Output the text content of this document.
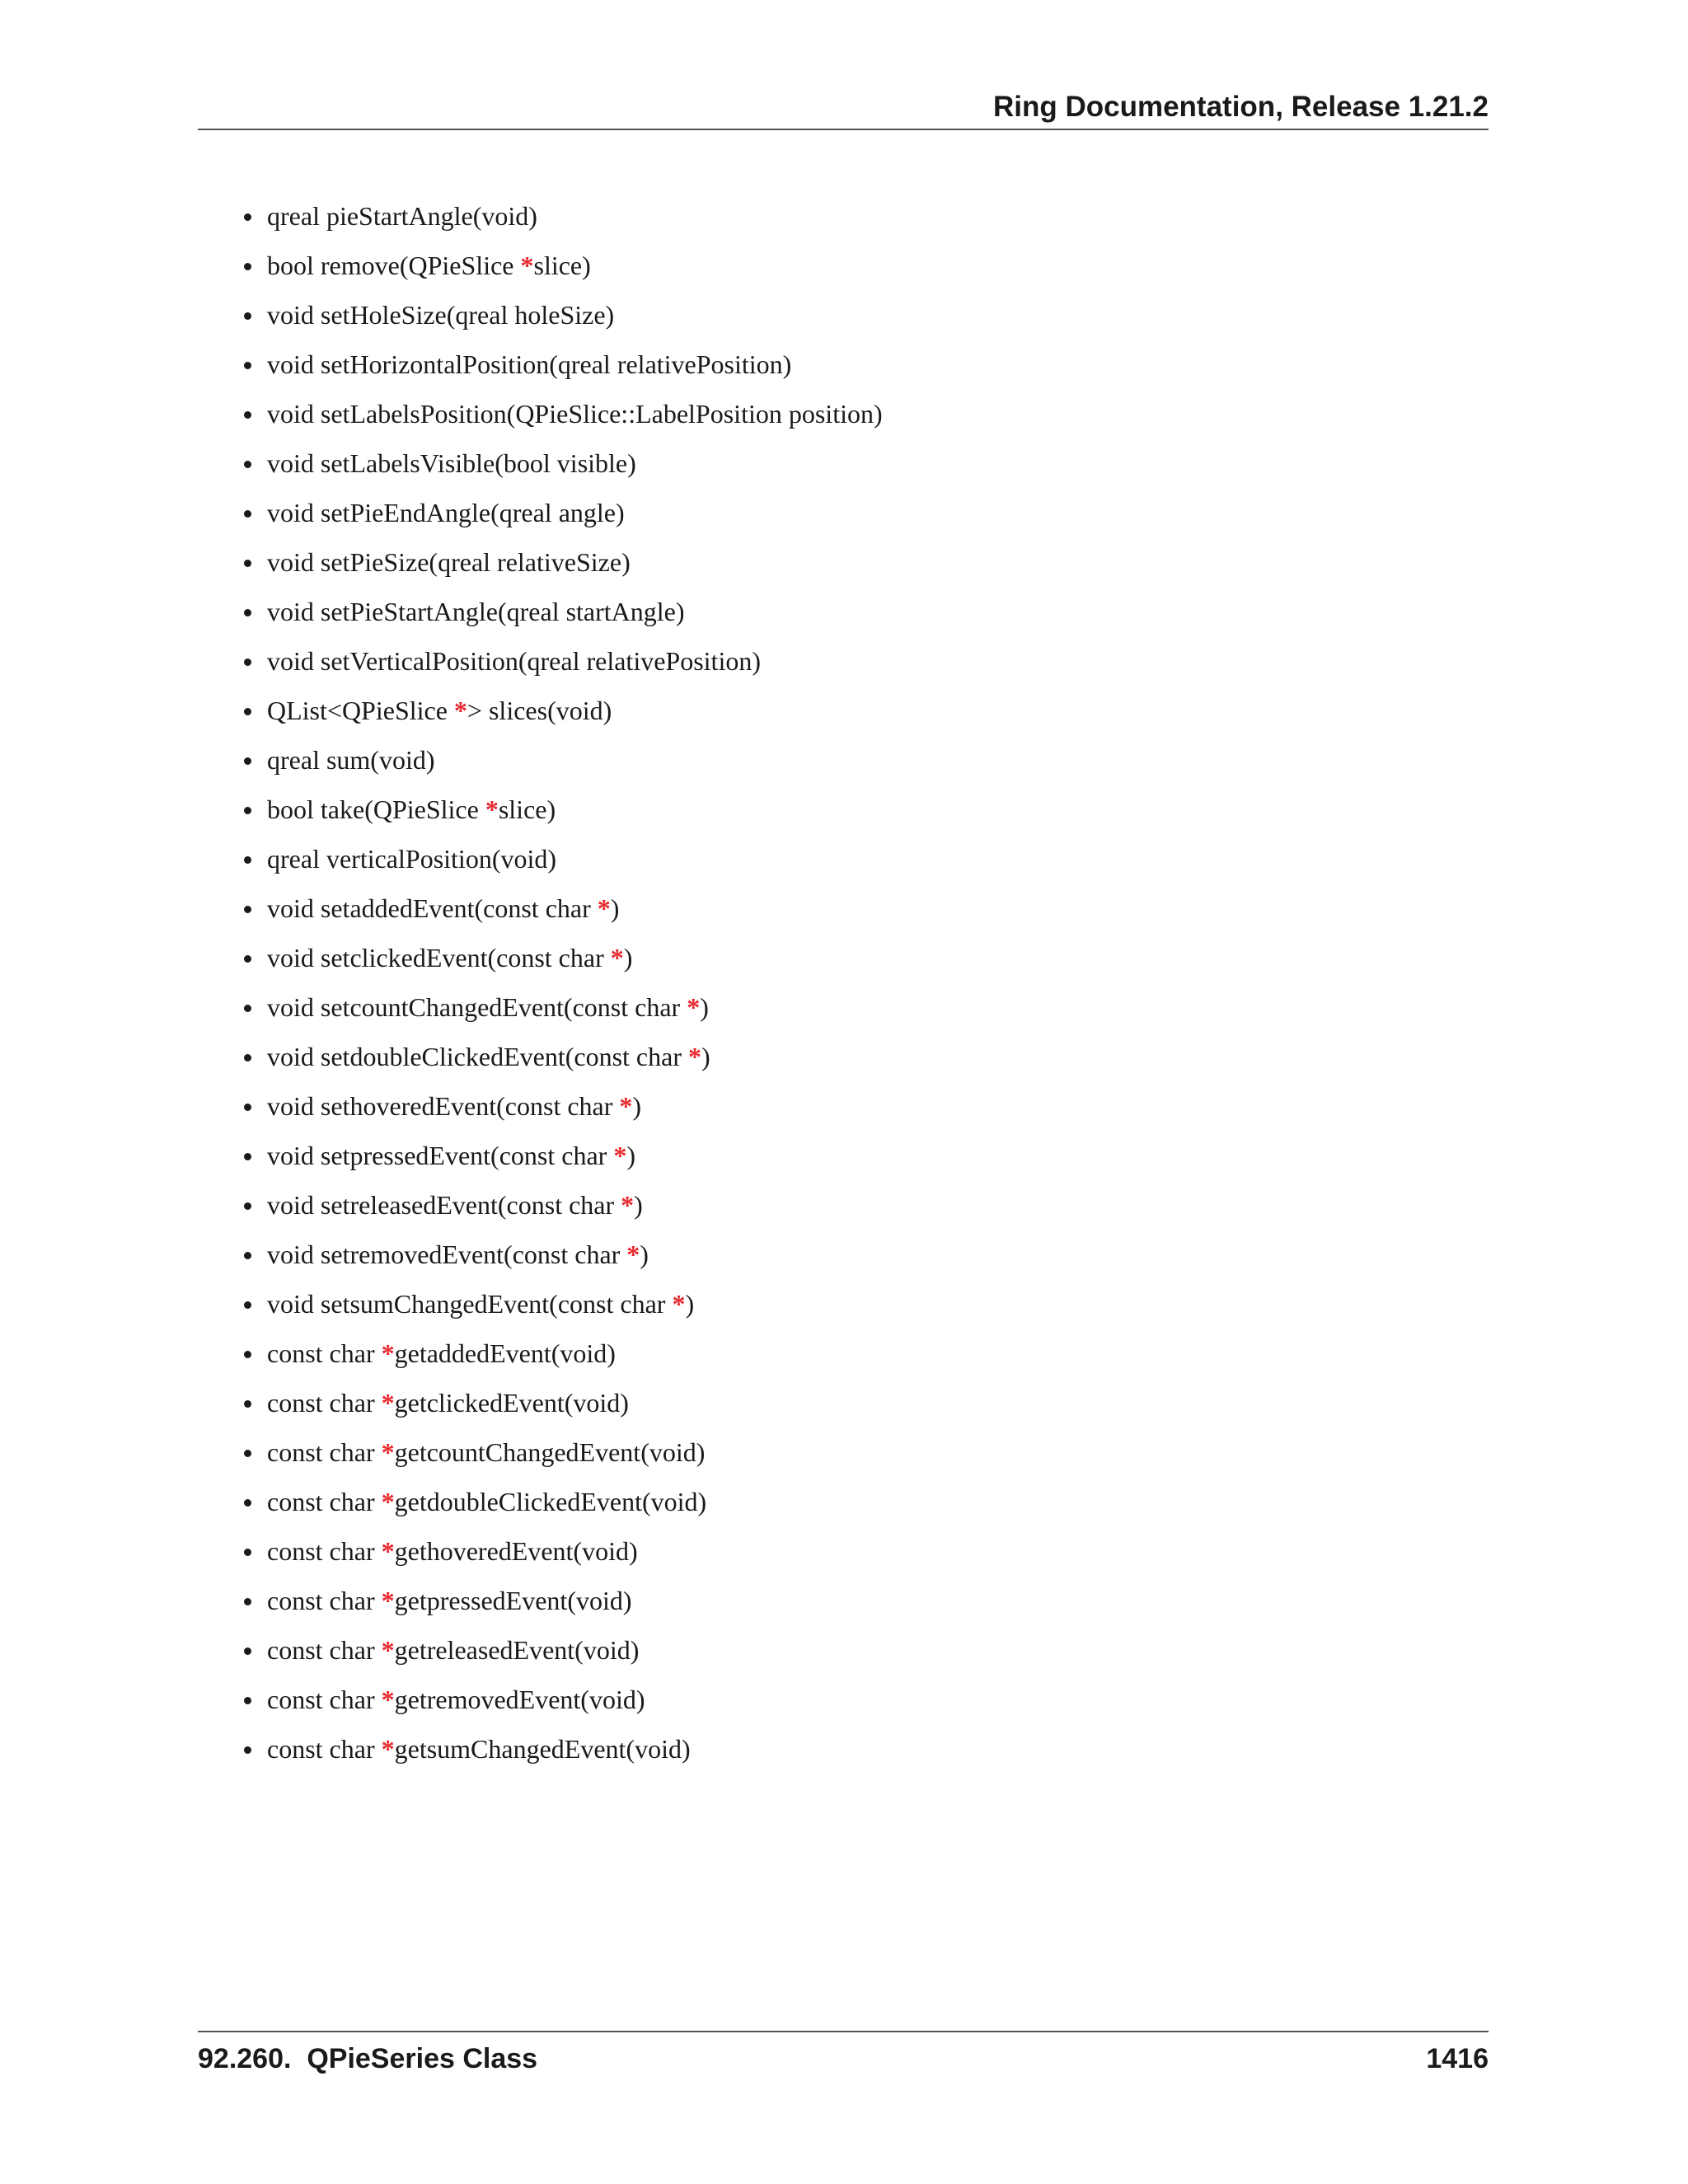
Ring Documentation, Release 1.21.2
qreal pieStartAngle(void)
bool remove(QPieSlice *slice)
void setHoleSize(qreal holeSize)
void setHorizontalPosition(qreal relativePosition)
void setLabelsPosition(QPieSlice::LabelPosition position)
void setLabelsVisible(bool visible)
void setPieEndAngle(qreal angle)
void setPieSize(qreal relativeSize)
void setPieStartAngle(qreal startAngle)
void setVerticalPosition(qreal relativePosition)
QList<QPieSlice *> slices(void)
qreal sum(void)
bool take(QPieSlice *slice)
qreal verticalPosition(void)
void setaddedEvent(const char *)
void setclickedEvent(const char *)
void setcountChangedEvent(const char *)
void setdoubleClickedEvent(const char *)
void sethoveredEvent(const char *)
void setpressedEvent(const char *)
void setreleasedEvent(const char *)
void setremovedEvent(const char *)
void setsumChangedEvent(const char *)
const char *getaddedEvent(void)
const char *getclickedEvent(void)
const char *getcountChangedEvent(void)
const char *getdoubleClickedEvent(void)
const char *gethoveredEvent(void)
const char *getpressedEvent(void)
const char *getreleasedEvent(void)
const char *getremovedEvent(void)
const char *getsumChangedEvent(void)
92.260.  QPieSeries Class	1416
